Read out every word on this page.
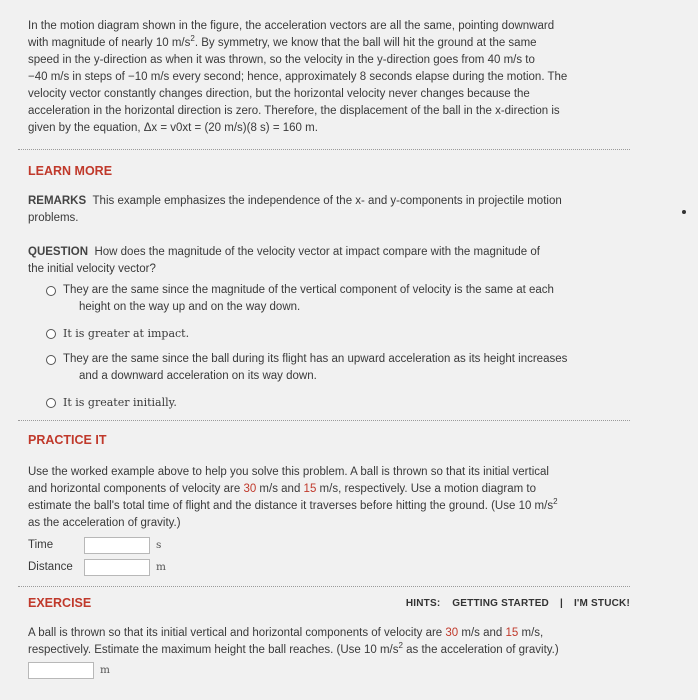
In the motion diagram shown in the figure, the acceleration vectors are all the same, pointing downward

with magnitude of nearly 10 $m/s^2$. By symmetry, we know that the ball will hit the ground at the same

speed in the y-direction as when it was thrown, so the velocity in the y-direction goes from 40 m/s to

−40 m/s in steps of −10 m/s every second; hence, approximately 8 seconds elapse during the motion. The

velocity vector constantly changes direction, but the horizontal velocity never changes because the

acceleration in the horizontal direction is zero. Therefore, the displacement of the ball in the x-direction is

given by the equation, Δx = v0xt = (20 m/s)(8 s) = 160 m.

LEARN MORE
REMARKS This example emphasizes the independence of the x- and y-components in projectile motion
problems.
QUESTION How does the magnitude of the velocity vector at impact compare with the magnitude of
the initial velocity vector?
They are the same since the magnitude of the vertical component of velocity is the same at each
height on the way up and on the way down.
It is greater at impact.
They are the same since the ball during its flight has an upward acceleration as its height increases
and a downward acceleration on its way down.
It is greater initially.
PRACTICE IT
Use the worked example above to help you solve this problem. A ball is thrown so that its initial vertical
and horizontal components of velocity are 30 m/s and 15 m/s, respectively. Use a motion diagram to
estimate the ball's total time of flight and the distance it traverses before hitting the ground. (Use 10 $m/s^2$
as the acceleration of gravity.)
Time	s
Distance	m
EXERCISE	HINTS: GETTING STARTED | I'M STUCK!
A ball is thrown so that its initial vertical and horizontal components of velocity are 30 m/s and 15 m/s,
respectively. Estimate the maximum height the ball reaches. (Use 10 $m/s^2$ as the acceleration of gravity.)
m
